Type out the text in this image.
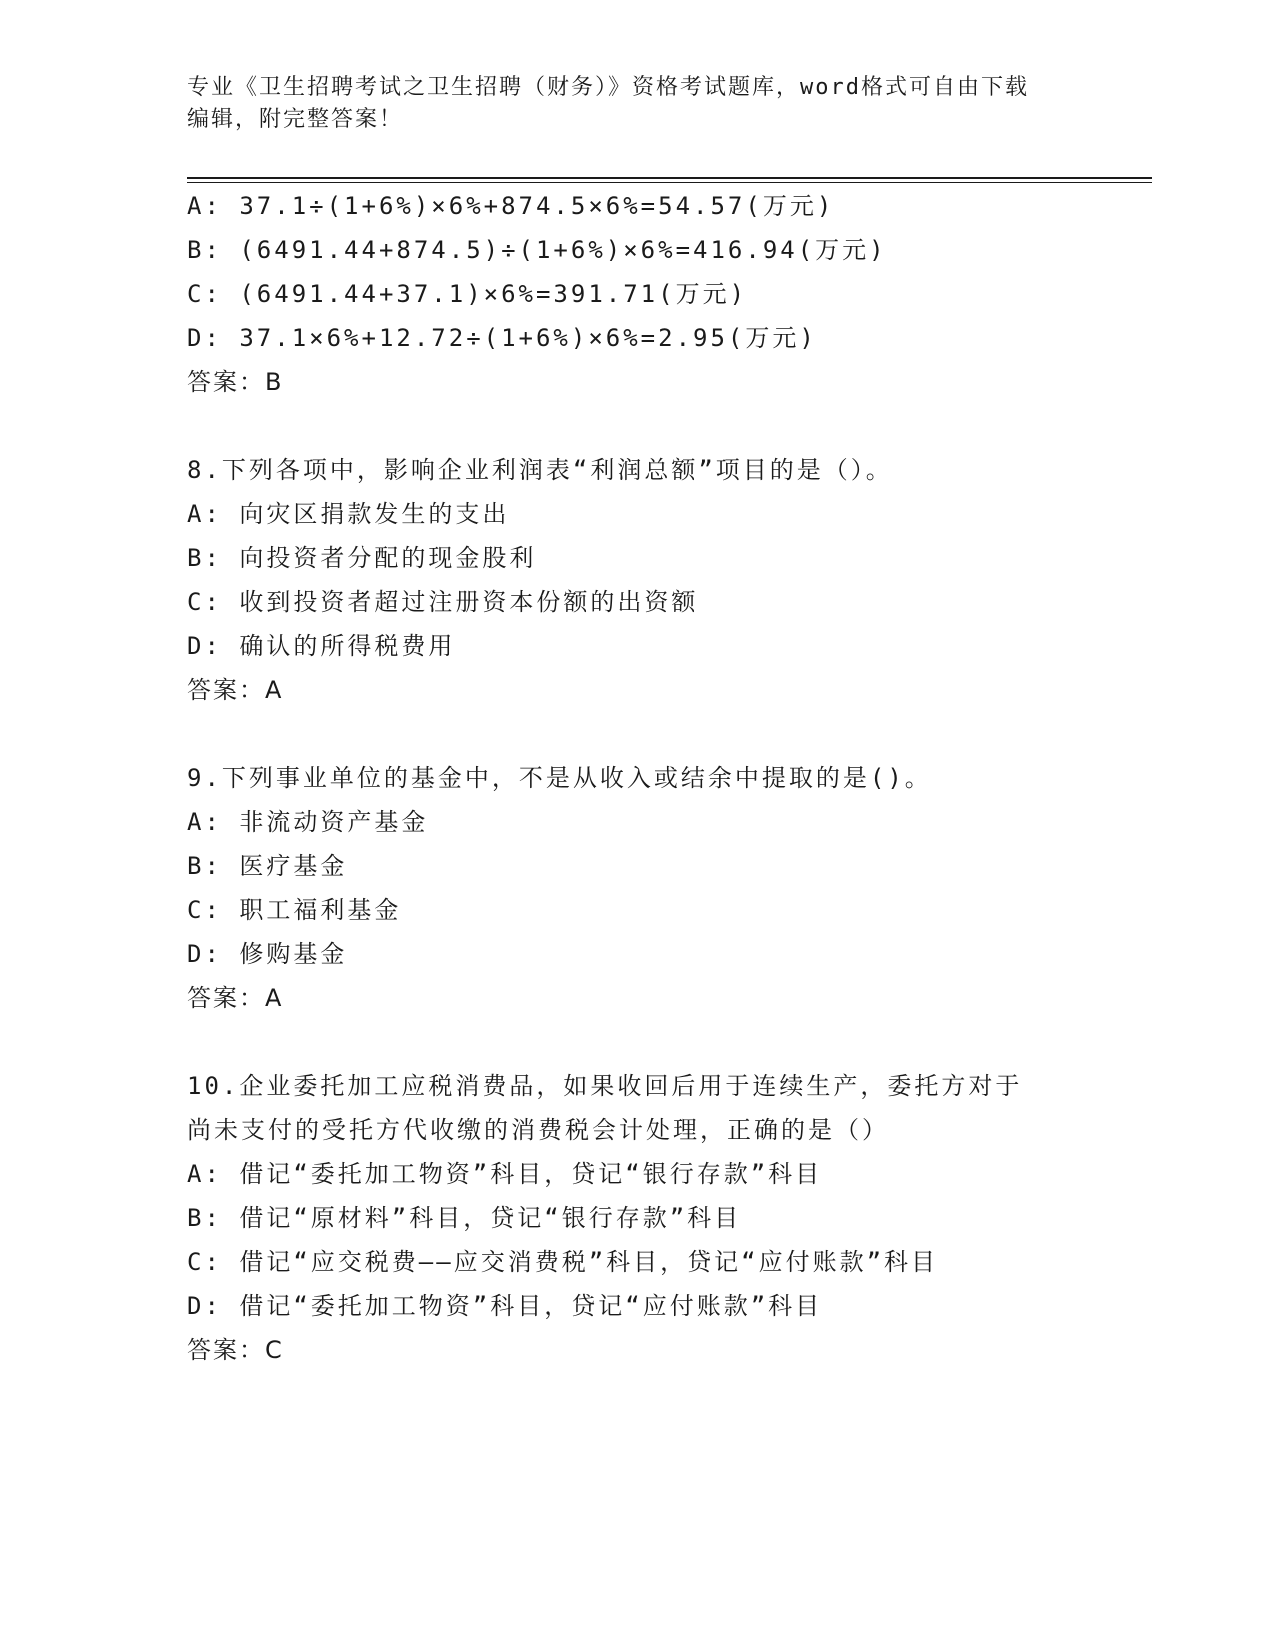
专业《卫生招聘考试之卫生招聘（财务）》资格考试题库，word格式可自由下载
编辑，附完整答案！
A: 37.1÷(1+6%)×6%+874.5×6%=54.57(万元)
B: (6491.44+874.5)÷(1+6%)×6%=416.94(万元)
C: (6491.44+37.1)×6%=391.71(万元)
D: 37.1×6%+12.72÷(1+6%)×6%=2.95(万元)
答案：B
8.下列各项中，影响企业利润表“利润总额”项目的是（）。
A: 向灾区捐款发生的支出
B: 向投资者分配的现金股利
C: 收到投资者超过注册资本份额的出资额
D: 确认的所得税费用
答案：A
9.下列事业单位的基金中，不是从收入或结余中提取的是()。
A: 非流动资产基金
B: 医疗基金
C: 职工福利基金
D: 修购基金
答案：A
10.企业委托加工应税消费品，如果收回后用于连续生产，委托方对于
尚未支付的受托方代收缴的消费税会计处理，正确的是（）
A: 借记“委托加工物资”科目，贷记“银行存款”科目
B: 借记“原材料”科目，贷记“银行存款”科目
C: 借记“应交税费——应交消费税”科目，贷记“应付账款”科目
D: 借记“委托加工物资”科目，贷记“应付账款”科目
答案：C
